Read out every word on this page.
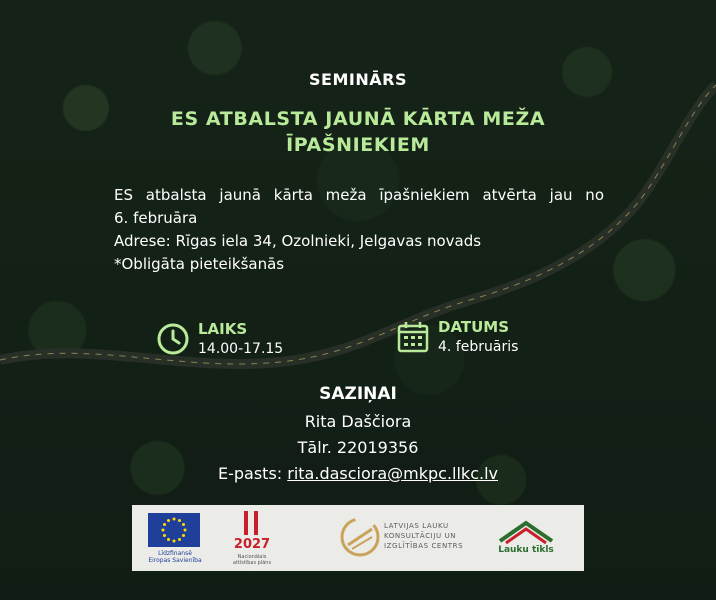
SEMINĀRS
ES ATBALSTA JAUNĀ KĀRTA MEŽA
ĪPAŠNIEKIEM
ES atbalsta jaunā kārta meža īpašniekiem atvērta jau no
6. februāra
Adrese: Rīgas iela 34, Ozolnieki, Jelgavas novads
*Obligāta pieteikšanās
LAIKS
14.00-17.15
DATUMS
4. februāris
SAZIŅAI
Rita Daščiora
Tālr. 22019356
E-pasts: rita.dasciora@mkpc.llkc.lv
Līdzfinansē
Eiropas Savienība
2027
Nacionālais
attīstības plāns
LATVIJAS LAUKU
KONSULTĀCIJU UN
IZGLĪTĪBAS CENTRS	Lauku tīkls
